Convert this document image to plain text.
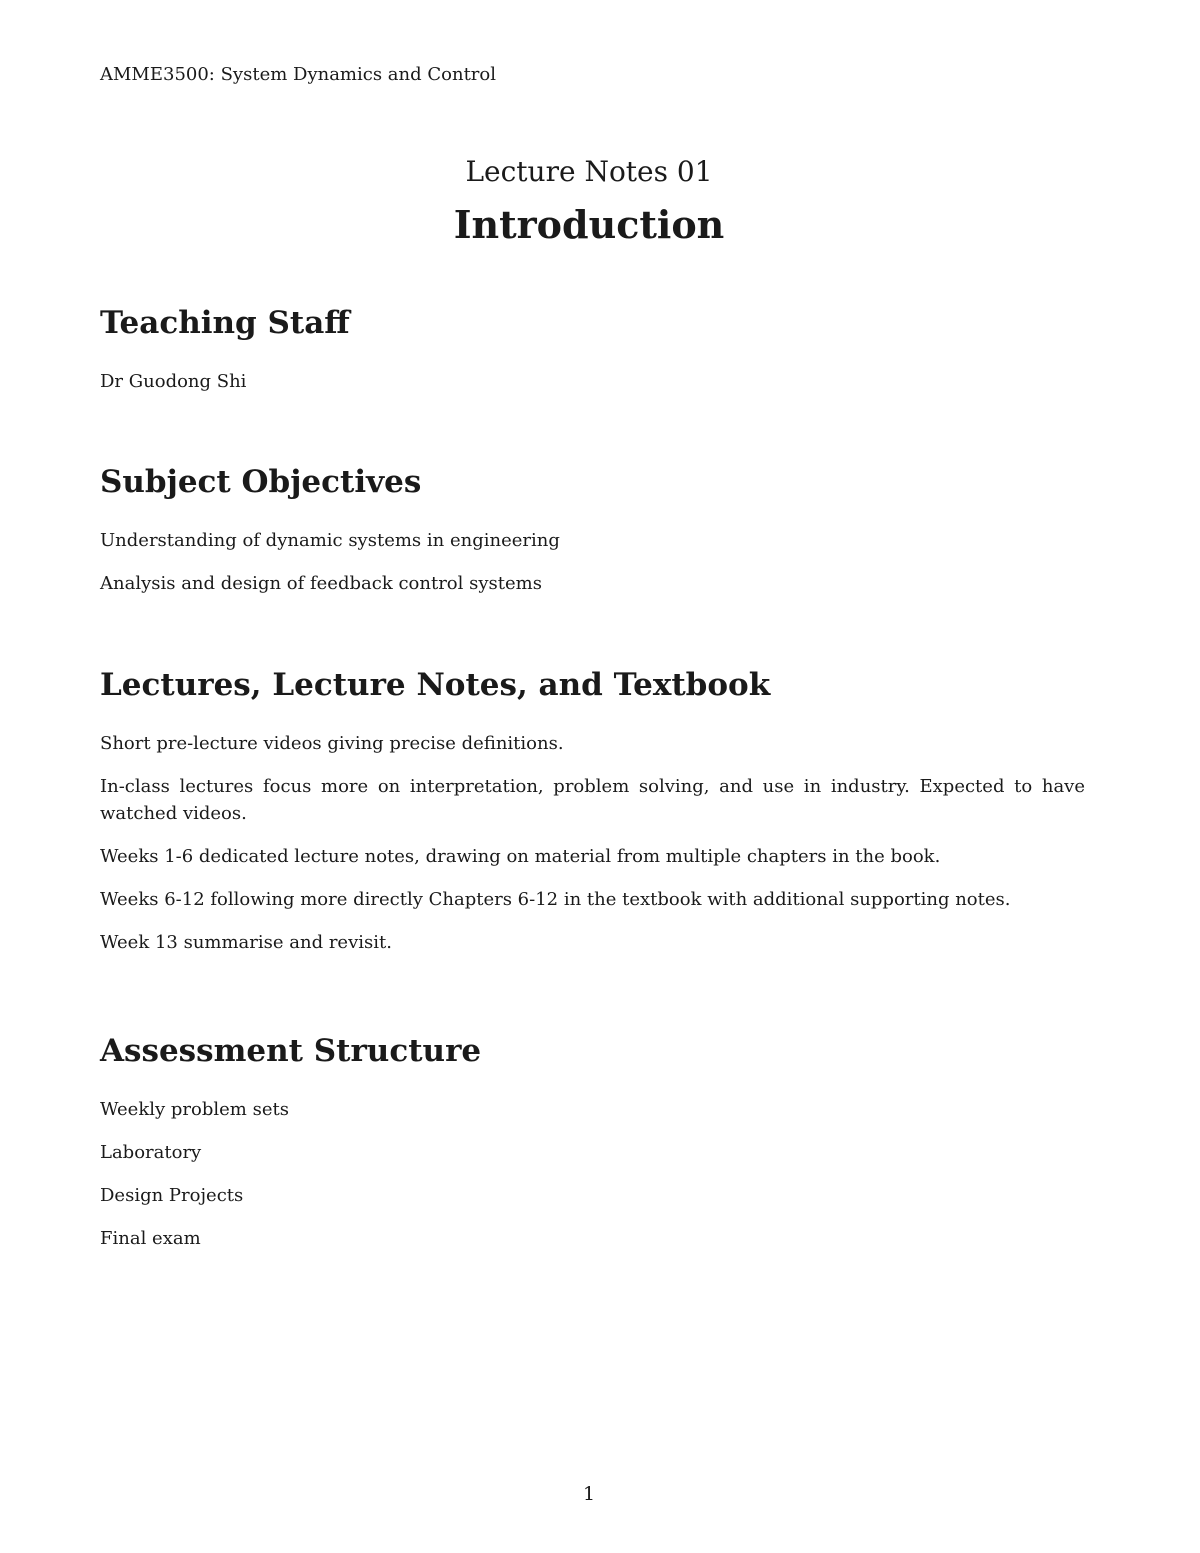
AMME3500: System Dynamics and Control
Lecture Notes 01
Introduction
Teaching Staff

Dr Guodong Shi

Subject Objectives

Understanding of dynamic systems in engineering

Analysis and design of feedback control systems

Lectures, Lecture Notes, and Textbook

Short pre-lecture videos giving precise definitions.

In-class lectures focus more on interpretation, problem solving, and use in industry. Expected to have watched videos.

Weeks 1-6 dedicated lecture notes, drawing on material from multiple chapters in the book.

Weeks 6-12 following more directly Chapters 6-12 in the textbook with additional supporting notes.

Week 13 summarise and revisit.

Assessment Structure

Weekly problem sets

Laboratory

Design Projects

Final exam

1
